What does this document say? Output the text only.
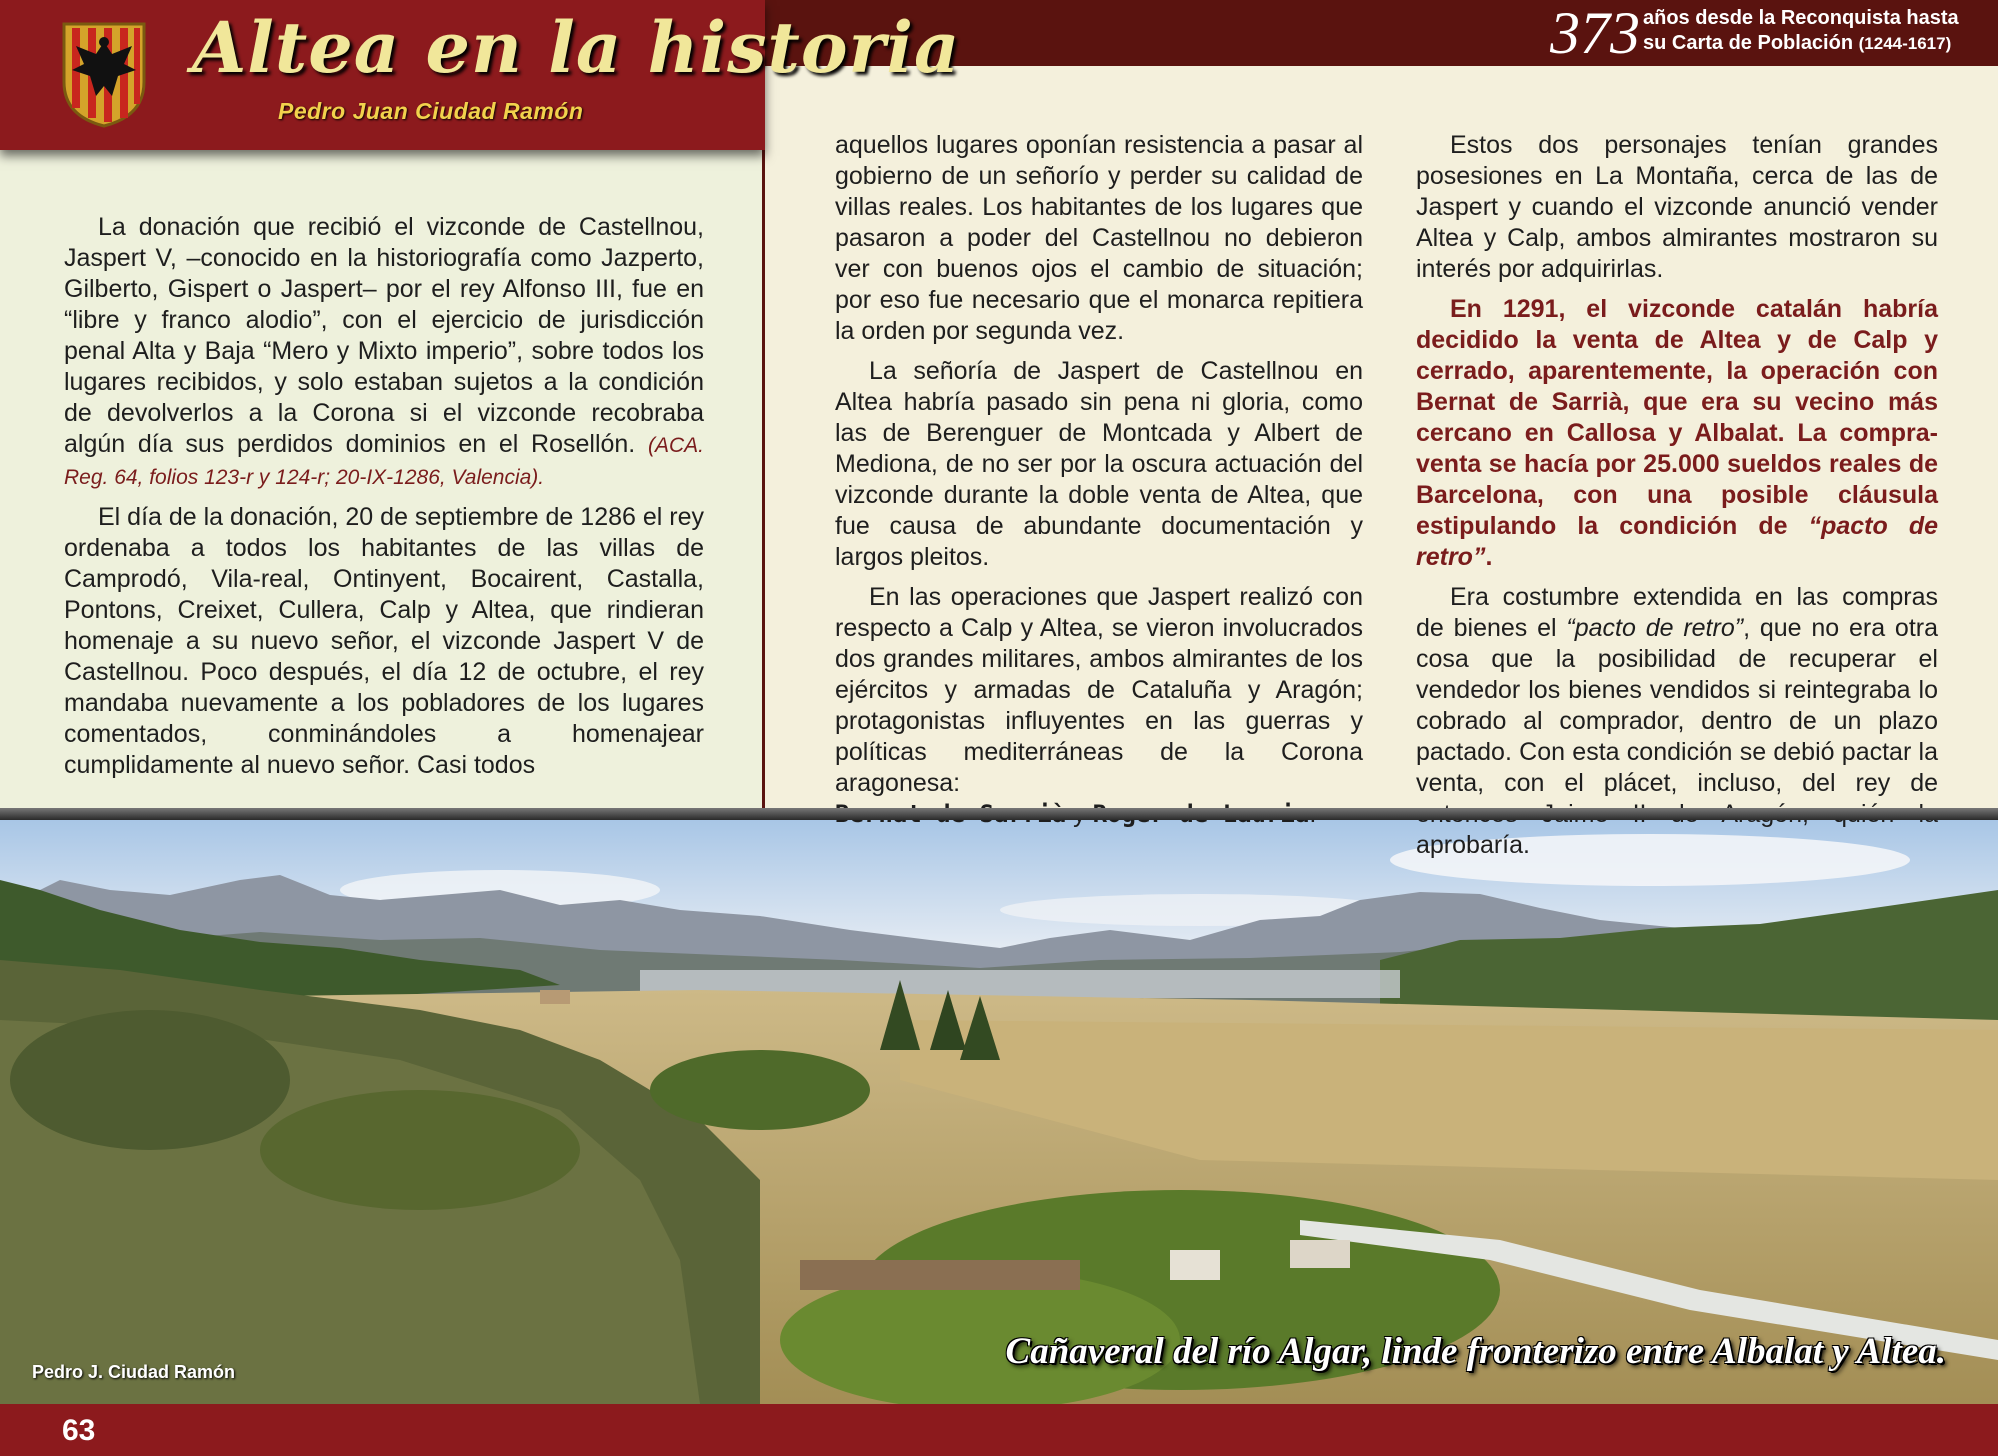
Altea en la historia
Pedro Juan Ciudad Ramón
373 años desde la Reconquista hasta
su Carta de Población (1244-1617)

La donación que recibió el vizconde de Castellnou, Jaspert V, –conocido en la historiografía como Jazperto, Gilberto, Gispert o Jaspert– por el rey Alfonso III, fue en “libre y franco alodio”, con el ejercicio de jurisdicción penal Alta y Baja “Mero y Mixto imperio”, sobre todos los lugares recibidos, y solo estaban sujetos a la condición de devolverlos a la Corona si el vizconde recobraba algún día sus perdidos dominios en el Rosellón. (ACA. Reg. 64, folios 123-r y 124-r; 20-IX-1286, Valencia).

El día de la donación, 20 de septiembre de 1286 el rey ordenaba a todos los habitantes de las villas de Camprodó, Vila-real, Ontinyent, Bocairent, Castalla, Pontons, Creixet, Cullera, Calp y Altea, que rindieran homenaje a su nuevo señor, el vizconde Jaspert V de Castellnou. Poco después, el día 12 de octubre, el rey mandaba nuevamente a los pobladores de los lugares comentados, conminándoles a homenajear cumplidamente al nuevo señor. Casi todos

aquellos lugares oponían resistencia a pasar al gobierno de un señorío y perder su calidad de villas reales. Los habitantes de los lugares que pasaron a poder del Castellnou no debieron ver con buenos ojos el cambio de situación; por eso fue necesario que el monarca repitiera la orden por segunda vez.

La señoría de Jaspert de Castellnou en Altea habría pasado sin pena ni gloria, como las de Berenguer de Montcada y Albert de Mediona, de no ser por la oscura actuación del vizconde durante la doble venta de Altea, que fue causa de abundante documentación y largos pleitos.

En las operaciones que Jaspert realizó con respecto a Calp y Altea, se vieron involucrados dos grandes militares, ambos almirantes de los ejércitos y armadas de Cataluña y Aragón; protagonistas influyentes en las guerras y políticas mediterráneas de la Corona aragonesa:

Estos dos personajes tenían grandes posesiones en La Montaña, cerca de las de Jaspert y cuando el vizconde anunció vender Altea y Calp, ambos almirantes mostraron su interés por adquirirlas.

En 1291, el vizconde catalán habría decidido la venta de Altea y de Calp y cerrado, aparentemente, la operación con Bernat de Sarrià, que era su vecino más cercano en Callosa y Albalat. La compra-venta se hacía por 25.000 sueldos reales de Barcelona, con una posible cláusula estipulando la condición de “pacto de retro”.

Era costumbre extendida en las compras de bienes el “pacto de retro”, que no era otra cosa que la posibilidad de recuperar el vendedor los bienes vendidos si reintegraba lo cobrado al comprador, dentro de un plazo pactado. Con esta condición se debió pactar la venta, con el plácet, incluso, del rey de aprobaría.

Pedro J. Ciudad Ramón	Cañaveral del río Algar, linde fronterizo entre Albalat y Altea.
63
